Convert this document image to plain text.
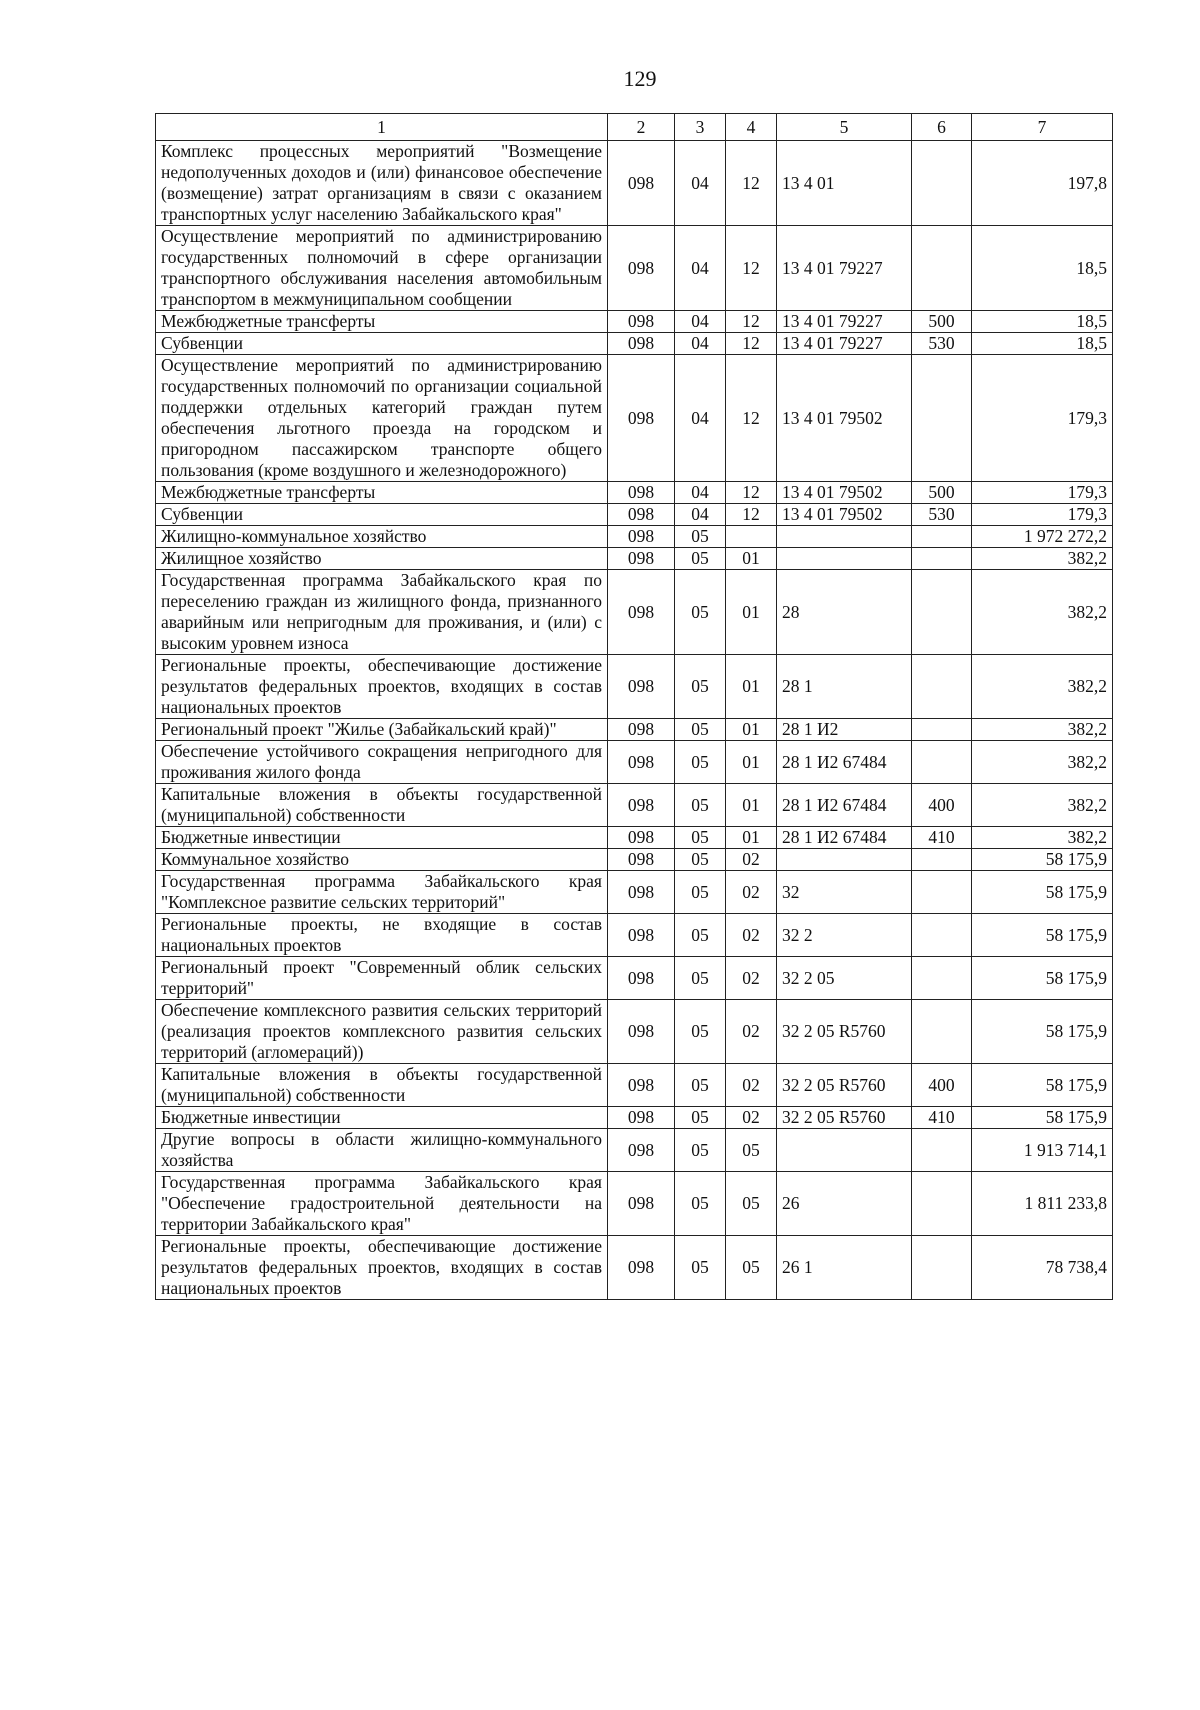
129
1	2	3	4	5	6	7
Комплекс процессных мероприятий "Возмещение недополученных доходов и (или) финансовое обеспечение (возмещение) затрат организациям в связи с оказанием транспортных услуг населению Забайкальского края"	098	04	12	13 4 01		197,8
Осуществление мероприятий по администрированию государственных полномочий в сфере организации транспортного обслуживания населения автомобильным транспортом в межмуниципальном сообщении	098	04	12	13 4 01 79227		18,5
Межбюджетные трансферты	098	04	12	13 4 01 79227	500	18,5
Субвенции	098	04	12	13 4 01 79227	530	18,5
Осуществление мероприятий по администрированию государственных полномочий по организации социальной поддержки отдельных категорий граждан путем обеспечения льготного проезда на городском и пригородном пассажирском транспорте общего пользования (кроме воздушного и железнодорожного)	098	04	12	13 4 01 79502		179,3
Межбюджетные трансферты	098	04	12	13 4 01 79502	500	179,3
Субвенции	098	04	12	13 4 01 79502	530	179,3
Жилищно-коммунальное хозяйство	098	05				1 972 272,2
Жилищное хозяйство	098	05	01			382,2
Государственная программа Забайкальского края по переселению граждан из жилищного фонда, признанного аварийным или непригодным для проживания, и (или) с высоким уровнем износа	098	05	01	28		382,2
Региональные проекты, обеспечивающие достижение результатов федеральных проектов, входящих в состав национальных проектов	098	05	01	28 1		382,2
Региональный проект "Жилье (Забайкальский край)"	098	05	01	28 1 И2		382,2
Обеспечение устойчивого сокращения непригодного для проживания жилого фонда	098	05	01	28 1 И2 67484		382,2
Капитальные вложения в объекты государственной (муниципальной) собственности	098	05	01	28 1 И2 67484	400	382,2
Бюджетные инвестиции	098	05	01	28 1 И2 67484	410	382,2
Коммунальное хозяйство	098	05	02			58 175,9
Государственная программа Забайкальского края "Комплексное развитие сельских территорий"	098	05	02	32		58 175,9
Региональные проекты, не входящие в состав национальных проектов	098	05	02	32 2		58 175,9
Региональный проект "Современный облик сельских территорий"	098	05	02	32 2 05		58 175,9
Обеспечение комплексного развития сельских территорий (реализация проектов комплексного развития сельских территорий (агломераций))	098	05	02	32 2 05 R5760		58 175,9
Капитальные вложения в объекты государственной (муниципальной) собственности	098	05	02	32 2 05 R5760	400	58 175,9
Бюджетные инвестиции	098	05	02	32 2 05 R5760	410	58 175,9
Другие вопросы в области жилищно-коммунального хозяйства	098	05	05			1 913 714,1
Государственная программа Забайкальского края "Обеспечение градостроительной деятельности на территории Забайкальского края"	098	05	05	26		1 811 233,8
Региональные проекты, обеспечивающие достижение результатов федеральных проектов, входящих в состав национальных проектов	098	05	05	26 1		78 738,4
